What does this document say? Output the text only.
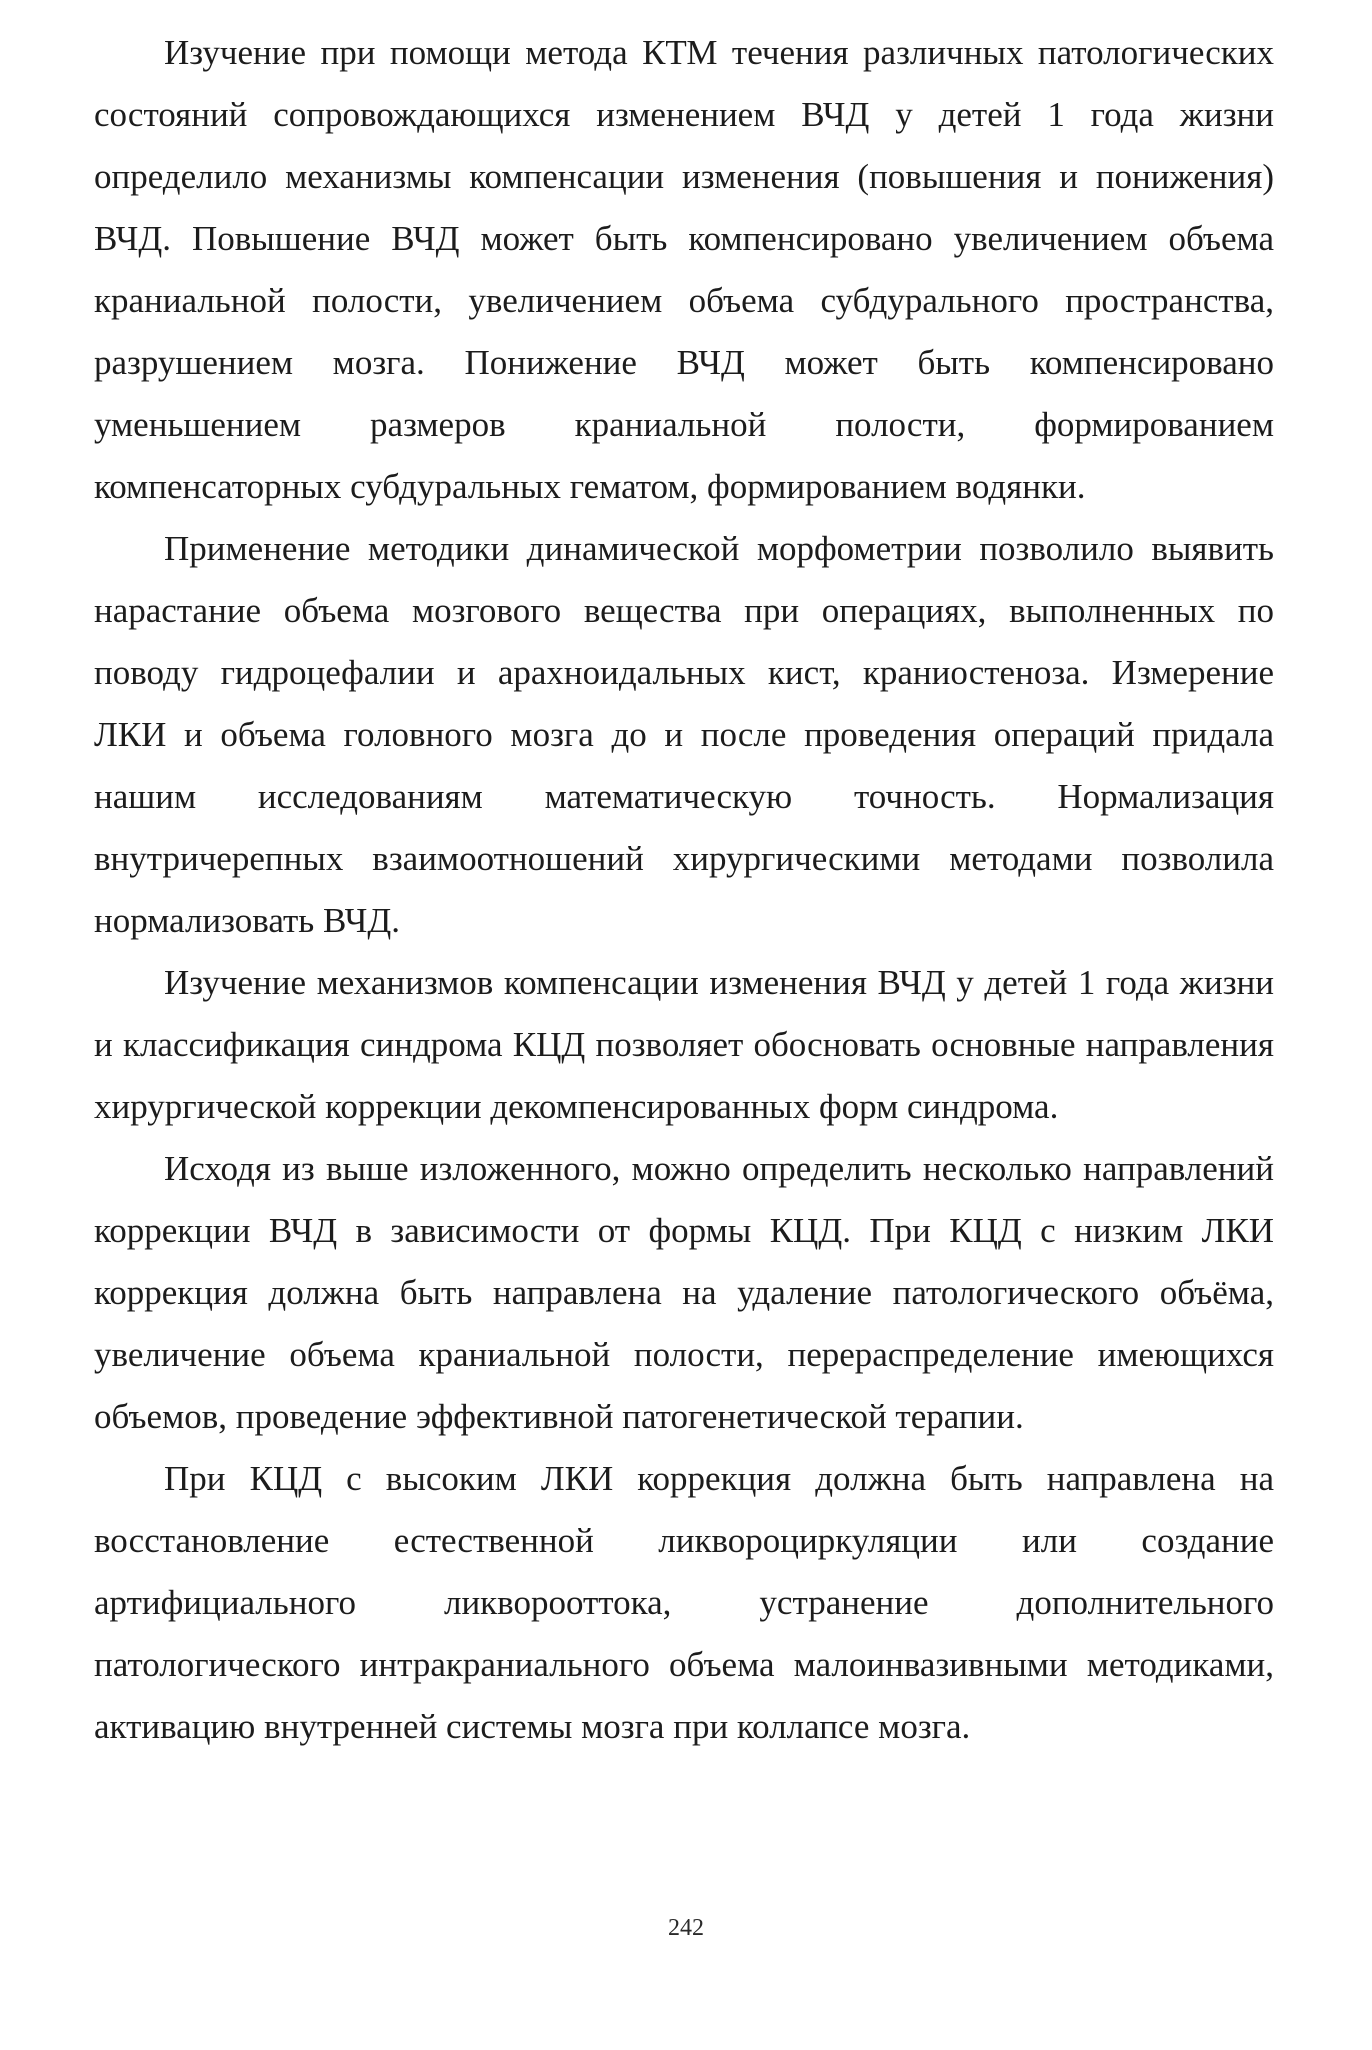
Изучение при помощи метода КТМ течения различных патологических состояний сопровождающихся изменением ВЧД у детей 1 года жизни определило механизмы компенсации изменения (повышения и понижения) ВЧД. Повышение ВЧД может быть компенсировано увеличением объема краниальной полости, увеличением объема субдурального пространства, разрушением мозга. Понижение ВЧД может быть компенсировано уменьшением размеров краниальной полости, формированием компенсаторных субдуральных гематом, формированием водянки.

Применение методики динамической морфометрии позволило выявить нарастание объема мозгового вещества при операциях, выполненных по поводу гидроцефалии и арахноидальных кист, краниостеноза. Измерение ЛКИ и объема головного мозга до и после проведения операций придала нашим исследованиям математическую точность. Нормализация внутричерепных взаимоотношений хирургическими методами позволила нормализовать ВЧД.

Изучение механизмов компенсации изменения ВЧД у детей 1 года жизни и классификация синдрома КЦД позволяет обосновать основные направления хирургической коррекции декомпенсированных форм синдрома.

Исходя из выше изложенного, можно определить несколько направлений коррекции ВЧД в зависимости от формы КЦД. При КЦД с низким ЛКИ коррекция должна быть направлена на удаление патологического объёма, увеличение объема краниальной полости, перераспределение имеющихся объемов, проведение эффективной патогенетической терапии.

При КЦД с высоким ЛКИ коррекция должна быть направлена на восстановление естественной ликвороциркуляции или создание артифициального ликворооттока, устранение дополнительного патологического интракраниального объема малоинвазивными методиками, активацию внутренней системы мозга при коллапсе мозга.

242
